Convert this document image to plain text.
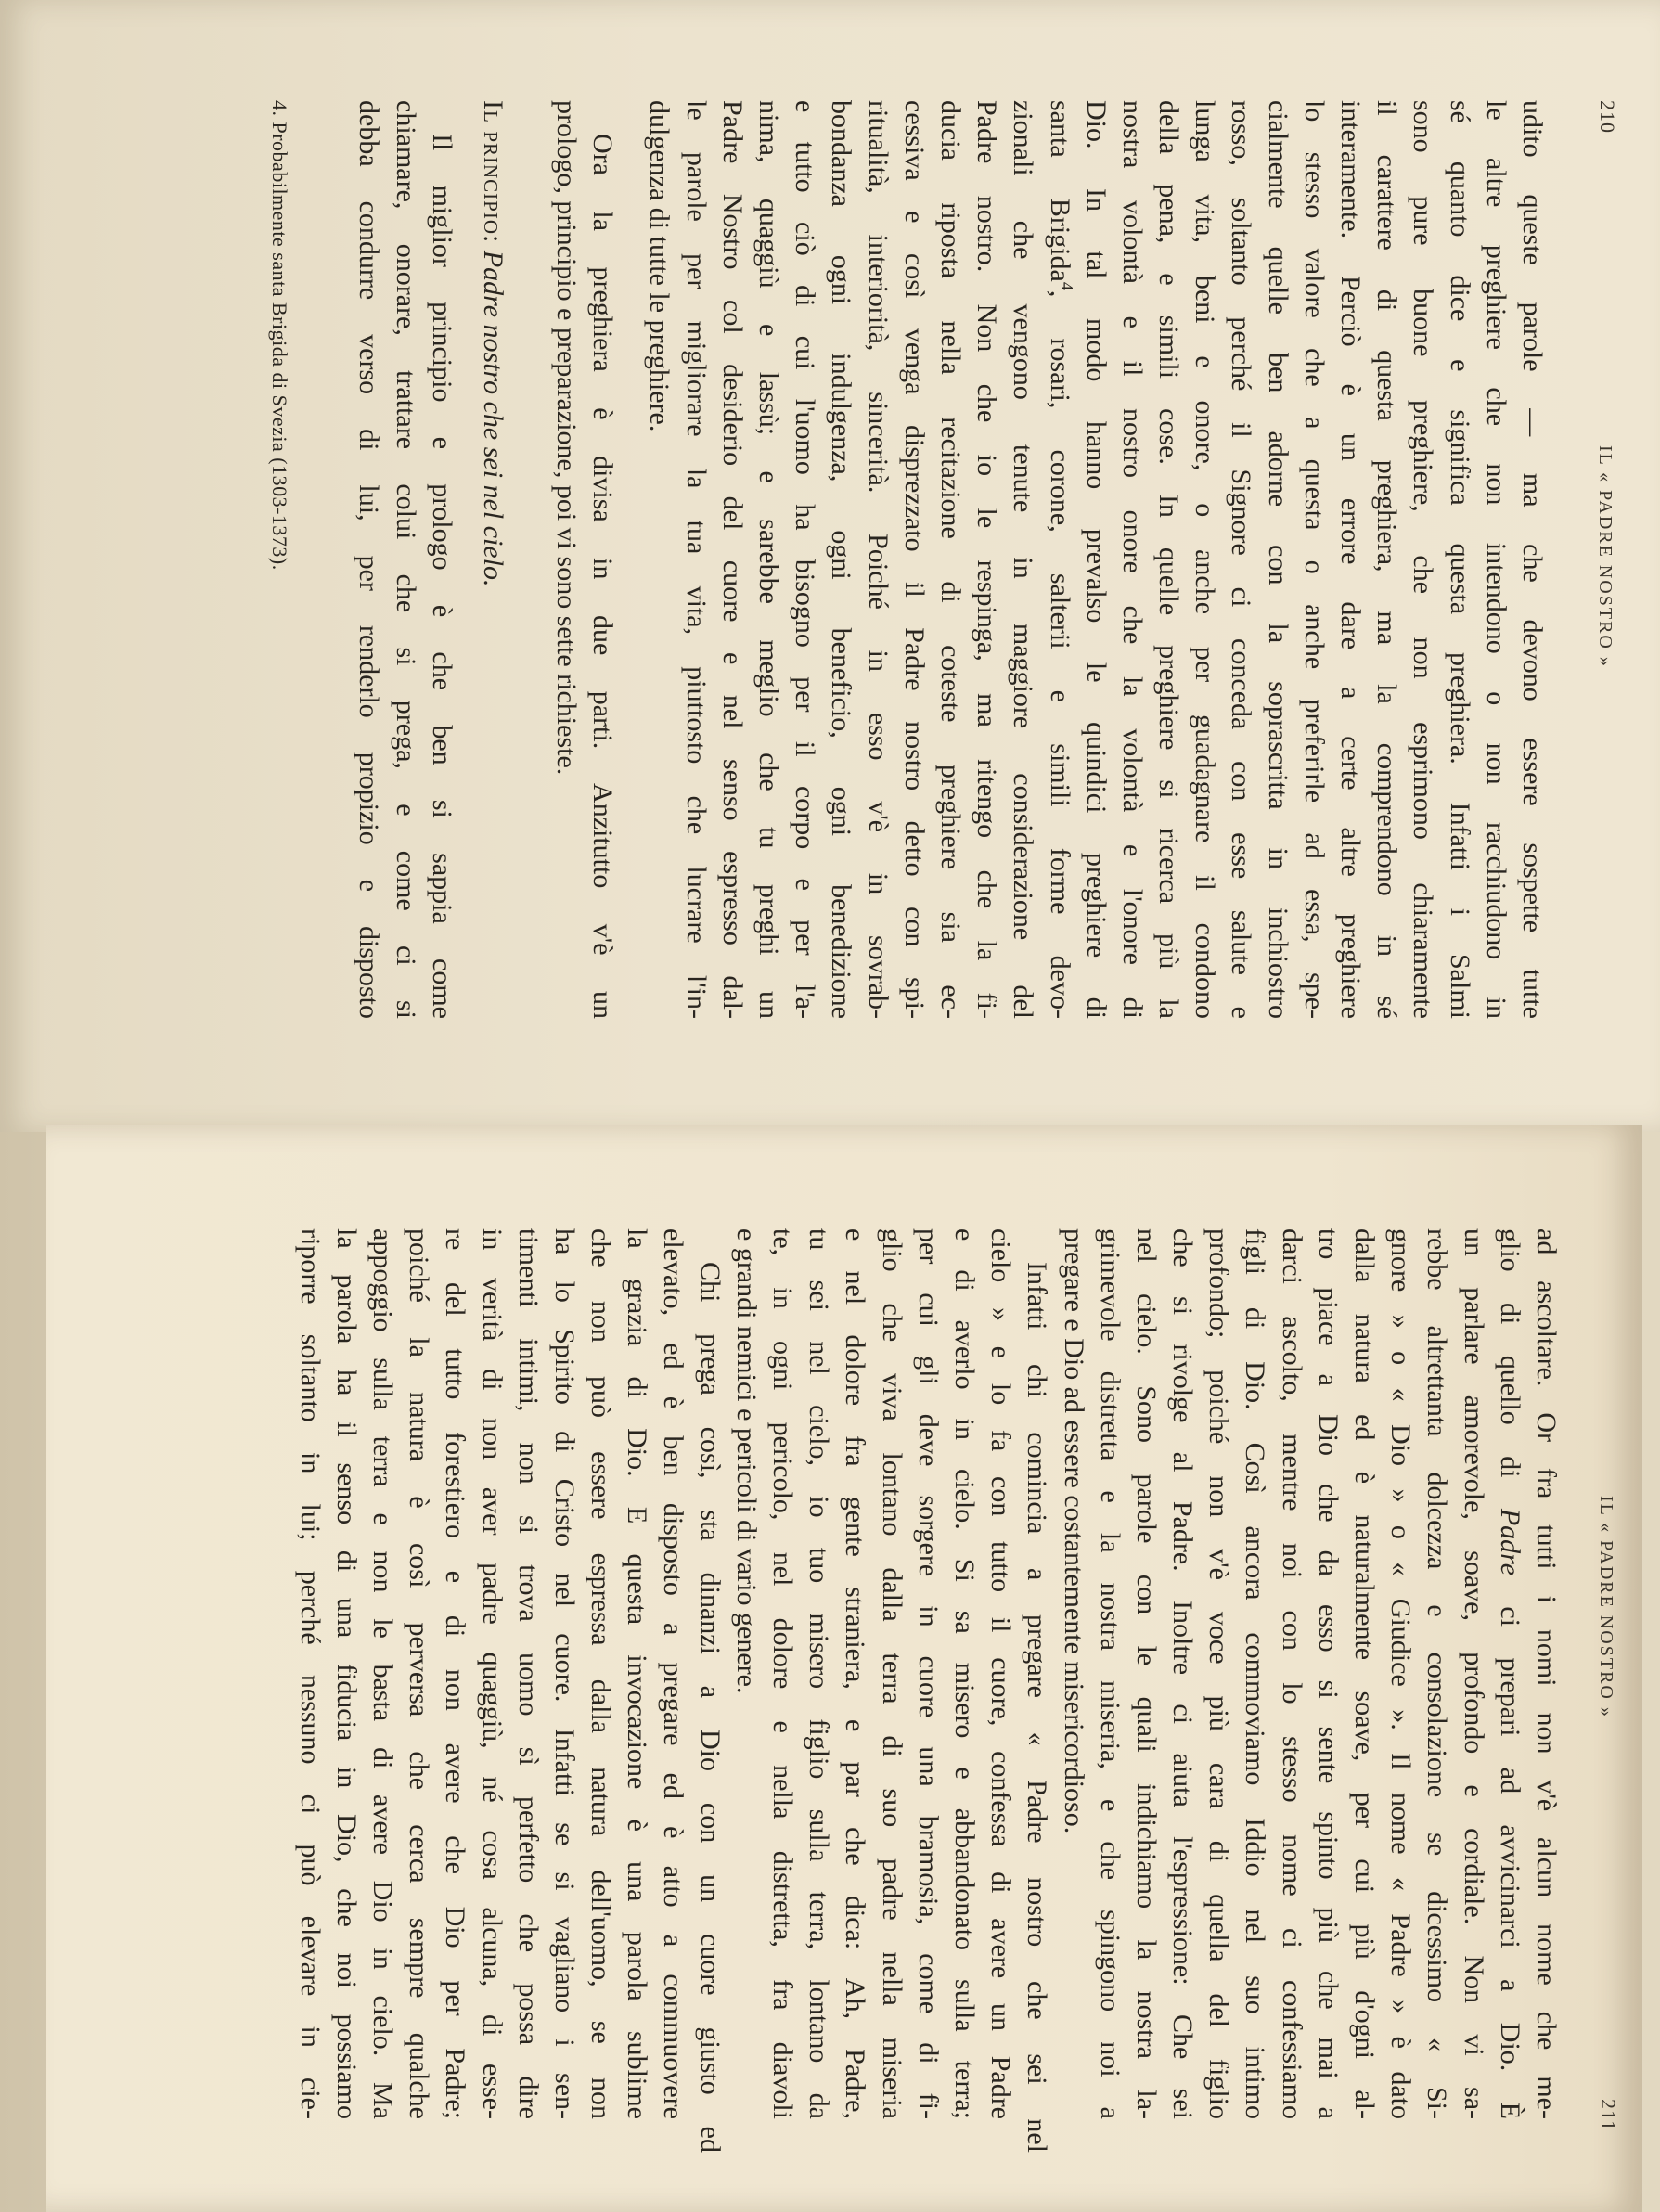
udito queste parole — ma che devono essere sospette tutte
le altre preghiere che non intendono o non racchiudono in
sé quanto dice e significa questa preghiera. Infatti i Salmi
sono pure buone preghiere, che non esprimono chiaramente
il carattere di questa preghiera, ma la comprendono in sé
interamente. Perciò è un errore dare a certe altre preghiere
lo stesso valore che a questa o anche preferirle ad essa, spe-
cialmente quelle ben adorne con la soprascritta in inchiostro
rosso, soltanto perché il Signore ci conceda con esse salute e
lunga vita, beni e onore, o anche per guadagnare il condono
della pena, e simili cose. In quelle preghiere si ricerca più la
nostra volontà e il nostro onore che la volontà e l'onore di
Dio. In tal modo hanno prevalso le quindici preghiere di
santa Brigida$^4$, rosari, corone, salterii e simili forme devo-
zionali che vengono tenute in maggiore considerazione del
Padre nostro. Non che io le respinga, ma ritengo che la fi-
ducia riposta nella recitazione di coteste preghiere sia ec-
cessiva e così venga disprezzato il Padre nostro detto con spi-
ritualità, interiorità, sincerità. Poiché in esso v'è in sovrab-
bondanza ogni indulgenza, ogni beneficio, ogni benedizione
e tutto ciò di cui l'uomo ha bisogno per il corpo e per l'a-
nima, quaggiù e lassù; e sarebbe meglio che tu preghi un
Padre Nostro col desiderio del cuore e nel senso espresso dal-
le parole per migliorare la tua vita, piuttosto che lucrare l'in-
dulgenza di tutte le preghiere.
Ora la preghiera è divisa in due parti. Anzitutto v'è un
prologo, principio e preparazione, poi vi sono sette richieste.
Il principio: Padre nostro che sei nel cielo.
Il miglior principio e prologo è che ben si sappia come
chiamare, onorare, trattare colui che si prega, e come ci si
debba condurre verso di lui, per renderlo propizio e disposto
4. Probabilmente santa Brigida di Svezia (1303-1373).	IL « PADRE NOSTRO »
210
IL « PADRE NOSTRO »
211
ad ascoltare. Or fra tutti i nomi non v'è alcun nome che me-
glio di quello di Padre ci prepari ad avvicinarci a Dio. È
un parlare amorevole, soave, profondo e cordiale. Non vi sa-
rebbe altrettanta dolcezza e consolazione se dicessimo « Si-
gnore » o « Dio » o « Giudice ». Il nome « Padre » è dato
dalla natura ed è naturalmente soave, per cui più d'ogni al-
tro piace a Dio che da esso si sente spinto più che mai a
darci ascolto, mentre noi con lo stesso nome ci confessiamo
figli di Dio. Così ancora commoviamo Iddio nel suo intimo
profondo; poiché non v'è voce più cara di quella del figlio
che si rivolge al Padre. Inoltre ci aiuta l'espressione: Che sei
nel cielo. Sono parole con le quali indichiamo la nostra la-
grimevole distretta e la nostra miseria, e che spingono noi a
pregare e Dio ad essere costantemente misericordioso.
Infatti chi comincia a pregare « Padre nostro che sei nel
cielo » e lo fa con tutto il cuore, confessa di avere un Padre
e di averlo in cielo. Si sa misero e abbandonato sulla terra;
per cui gli deve sorgere in cuore una bramosia, come di fi-
glio che viva lontano dalla terra di suo padre nella miseria
e nel dolore fra gente straniera, e par che dica: Ah, Padre,
tu sei nel cielo, io tuo misero figlio sulla terra, lontano da
te, in ogni pericolo, nel dolore e nella distretta, fra diavoli
e grandi nemici e pericoli di vario genere.
Chi prega così, sta dinanzi a Dio con un cuore giusto ed
elevato, ed è ben disposto a pregare ed è atto a commuovere
la grazia di Dio. E questa invocazione è una parola sublime
che non può essere espressa dalla natura dell'uomo, se non
ha lo Spirito di Cristo nel cuore. Infatti se si vagliano i sen-
timenti intimi, non si trova uomo sì perfetto che possa dire
in verità di non aver padre quaggiù, né cosa alcuna, di esse-
re del tutto forestiero e di non avere che Dio per Padre;
poiché la natura è così perversa che cerca sempre qualche
appoggio sulla terra e non le basta di avere Dio in cielo. Ma
la parola ha il senso di una fiducia in Dio, che noi possiamo
riporre soltanto in lui; perché nessuno ci può elevare in cie-
